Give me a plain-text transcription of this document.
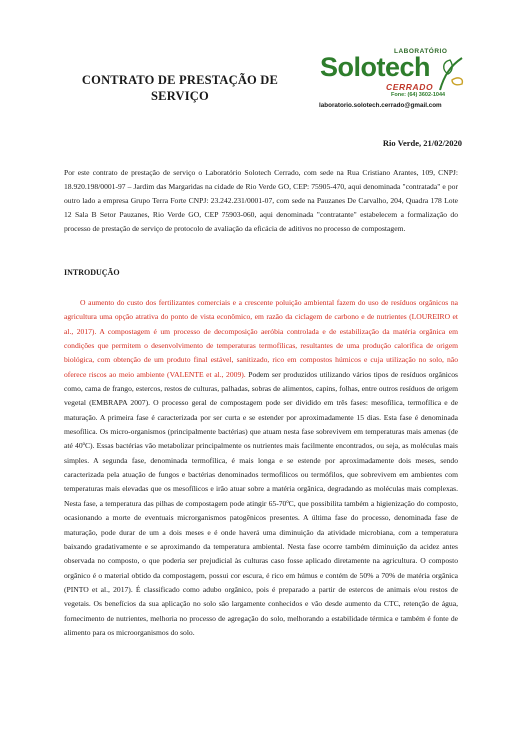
CONTRATO DE PRESTAÇÃO DE SERVIÇO
LABORATÓRIO
Solotech
CERRADO
Fone: (64) 3602-1044
laboratorio.solotech.cerrado@gmail.com
Rio Verde, 21/02/2020

Por este contrato de prestação de serviço o Laboratório Solotech Cerrado, com sede na Rua Cristiano Arantes, 109, CNPJ: 18.920.198/0001-97 – Jardim das Margaridas na cidade de Rio Verde GO, CEP: 75905-470, aqui denominada "contratada" e por outro lado a empresa Grupo Terra Forte CNPJ: 23.242.231/0001-07, com sede na Pauzanes De Carvalho, 204, Quadra 178 Lote 12 Sala B Setor Pauzanes, Rio Verde GO, CEP 75903-060, aqui denominada "contratante" estabelecem a formalização do processo de prestação de serviço de protocolo de avaliação da eficácia de aditivos no processo de compostagem.

INTRODUÇÃO

O aumento do custo dos fertilizantes comerciais e a crescente poluição ambiental fazem do uso de resíduos orgânicos na agricultura uma opção atrativa do ponto de vista econômico, em razão da ciclagem de carbono e de nutrientes (LOUREIRO et al., 2017). A compostagem é um processo de decomposição aeróbia controlada e de estabilização da matéria orgânica em condições que permitem o desenvolvimento de temperaturas termofílicas, resultantes de uma produção calorífica de origem biológica, com obtenção de um produto final estável, sanitizado, rico em compostos húmicos e cuja utilização no solo, não oferece riscos ao meio ambiente (VALENTE et al., 2009). Podem ser produzidos utilizando vários tipos de resíduos orgânicos como, cama de frango, estercos, restos de culturas, palhadas, sobras de alimentos, capins, folhas, entre outros resíduos de origem vegetal (EMBRAPA 2007). O processo geral de compostagem pode ser dividido em três fases: mesofílica, termofílica e de maturação. A primeira fase é caracterizada por ser curta e se estender por aproximadamente 15 dias. Esta fase é denominada mesofílica. Os micro-organismos (principalmente bactérias) que atuam nesta fase sobrevivem em temperaturas mais amenas (de até 40ºC). Essas bactérias vão metabolizar principalmente os nutrientes mais facilmente encontrados, ou seja, as moléculas mais simples. A segunda fase, denominada termofílica, é mais longa e se estende por aproximadamente dois meses, sendo caracterizada pela atuação de fungos e bactérias denominados termofílicos ou termófilos, que sobrevivem em ambientes com temperaturas mais elevadas que os mesofílicos e irão atuar sobre a matéria orgânica, degradando as moléculas mais complexas. Nesta fase, a temperatura das pilhas de compostagem pode atingir 65-70ºC, que possibilita também a higienização do composto, ocasionando a morte de eventuais microrganismos patogênicos presentes. A última fase do processo, denominada fase de maturação, pode durar de um a dois meses e é onde haverá uma diminuição da atividade microbiana, com a temperatura baixando gradativamente e se aproximando da temperatura ambiental. Nesta fase ocorre também diminuição da acidez antes observada no composto, o que poderia ser prejudicial às culturas caso fosse aplicado diretamente na agricultura. O composto orgânico é o material obtido da compostagem, possui cor escura, é rico em húmus e contém de 50% a 70% de matéria orgânica (PINTO et al., 2017). É classificado como adubo orgânico, pois é preparado a partir de estercos de animais e/ou restos de vegetais. Os benefícios da sua aplicação no solo são largamente conhecidos e vão desde aumento da CTC, retenção de água, fornecimento de nutrientes, melhoria no processo de agregação do solo, melhorando a estabilidade térmica e também é fonte de alimento para os microorganismos do solo.
